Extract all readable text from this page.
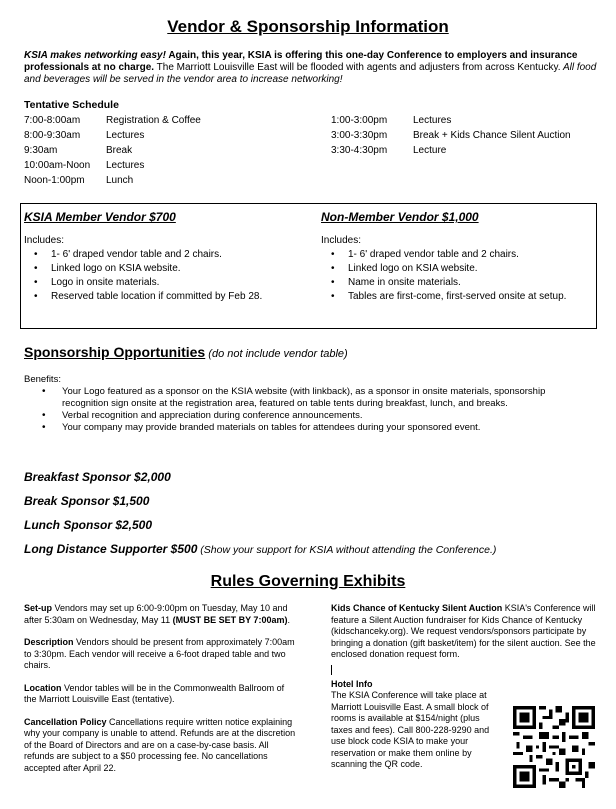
Vendor & Sponsorship Information
KSIA makes networking easy! Again, this year, KSIA is offering this one-day Conference to employers and insurance professionals at no charge. The Marriott Louisville East will be flooded with agents and adjusters from across Kentucky. All food and beverages will be served in the vendor area to increase networking!
Tentative Schedule
7:00-8:00am	Registration & Coffee
8:00-9:30am	Lectures
9:30am	Break
10:00am-Noon	Lectures
Noon-1:00pm	Lunch
1:00-3:00pm	Lectures
3:00-3:30pm	Break + Kids Chance Silent Auction
3:30-4:30pm	Lecture
KSIA Member Vendor $700
Includes:
• 1- 6' draped vendor table and 2 chairs.
• Linked logo on KSIA website.
• Logo in onsite materials.
• Reserved table location if committed by Feb 28.
Non-Member Vendor $1,000
Includes:
• 1- 6' draped vendor table and 2 chairs.
• Linked logo on KSIA website.
• Name in onsite materials.
• Tables are first-come, first-served onsite at setup.
Sponsorship Opportunities (do not include vendor table)
Benefits:
• Your Logo featured as a sponsor on the KSIA website (with linkback), as a sponsor in onsite materials, sponsorship recognition sign onsite at the registration area, featured on table tents during breakfast, lunch, and breaks.
• Verbal recognition and appreciation during conference announcements.
• Your company may provide branded materials on tables for attendees during your sponsored event.
Breakfast Sponsor $2,000
Break Sponsor $1,500
Lunch Sponsor $2,500
Long Distance Supporter $500 (Show your support for KSIA without attending the Conference.)
Rules Governing Exhibits

Set-up Vendors may set up 6:00-9:00pm on Tuesday, May 10 and after 5:30am on Wednesday, May 11 (MUST BE SET BY 7:00am).

Description Vendors should be present from approximately 7:00am to 3:30pm. Each vendor will receive a 6-foot draped table and two chairs.

Location Vendor tables will be in the Commonwealth Ballroom of the Marriott Louisville East (tentative).

Cancellation Policy Cancellations require written notice explaining why your company is unable to attend. Refunds are at the discretion of the Board of Directors and are on a case-by-case basis. All refunds are subject to a $50 processing fee. No cancellations accepted after April 22.

Kids Chance of Kentucky Silent Auction KSIA's Conference will feature a Silent Auction fundraiser for Kids Chance of Kentucky (kidschanceky.org). We request vendors/sponsors participate by bringing a donation (gift basket/item) for the silent auction. See the enclosed donation request form.

Hotel Info
The KSIA Conference will take place at Marriott Louisville East. A small block of rooms is available at $154/night (plus taxes and fees). Call 800-228-9290 and use block code KSIA to make your reservation or make them online by scanning the QR code.
